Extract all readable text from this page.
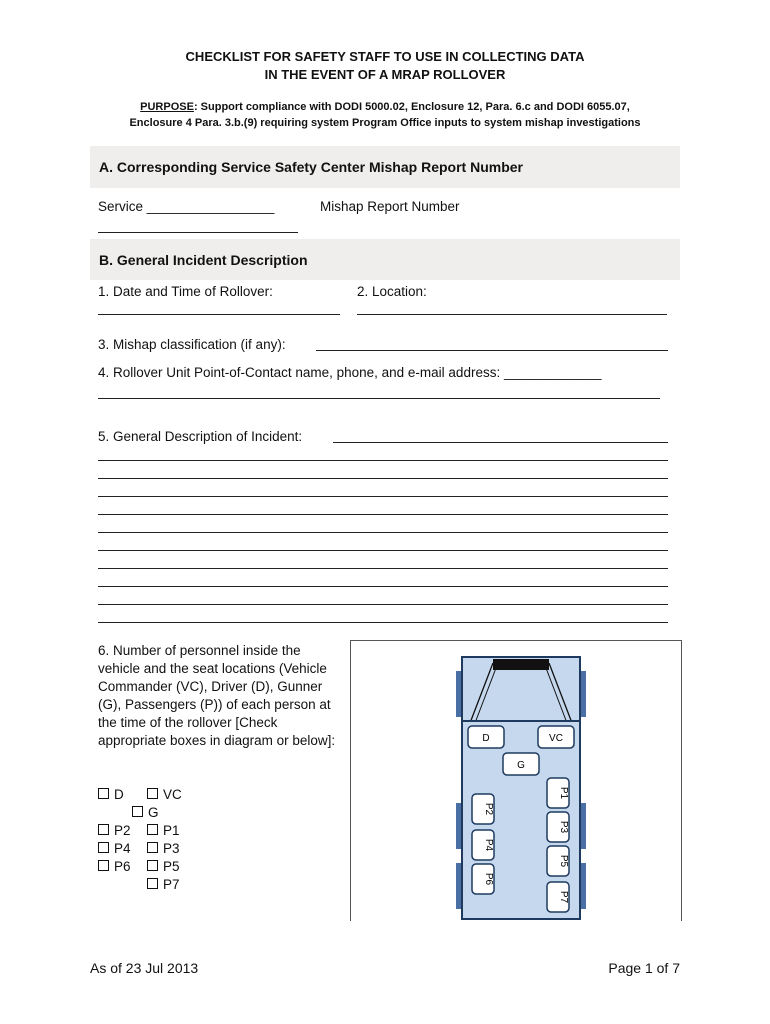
CHECKLIST FOR SAFETY STAFF TO USE IN COLLECTING DATA
IN THE EVENT OF A MRAP ROLLOVER
PURPOSE: Support compliance with DODI 5000.02, Enclosure 12, Para. 6.c and DODI 6055.07,
Enclosure 4 Para. 3.b.(9) requiring system Program Office inputs to system mishap investigations
A. Corresponding Service Safety Center Mishap Report Number
Service _________________	Mishap Report Number
B. General Incident Description
1. Date and Time of Rollover:	2. Location:
3. Mishap classification (if any):
4. Rollover Unit Point-of-Contact name, phone, and e-mail address: _____________
5. General Description of Incident:
6. Number of personnel inside the vehicle and the seat locations (Vehicle Commander (VC), Driver (D), Gunner (G), Passengers (P)) of each person at the time of the rollover [Check appropriate boxes in diagram or below]:
D	VC
G
P2	P1
P4	P3
P6	P5
P7
D	VC
G
P1
P2
P3
P4
P5
P6
P7
As of 23 Jul 2013	Page 1 of 7
